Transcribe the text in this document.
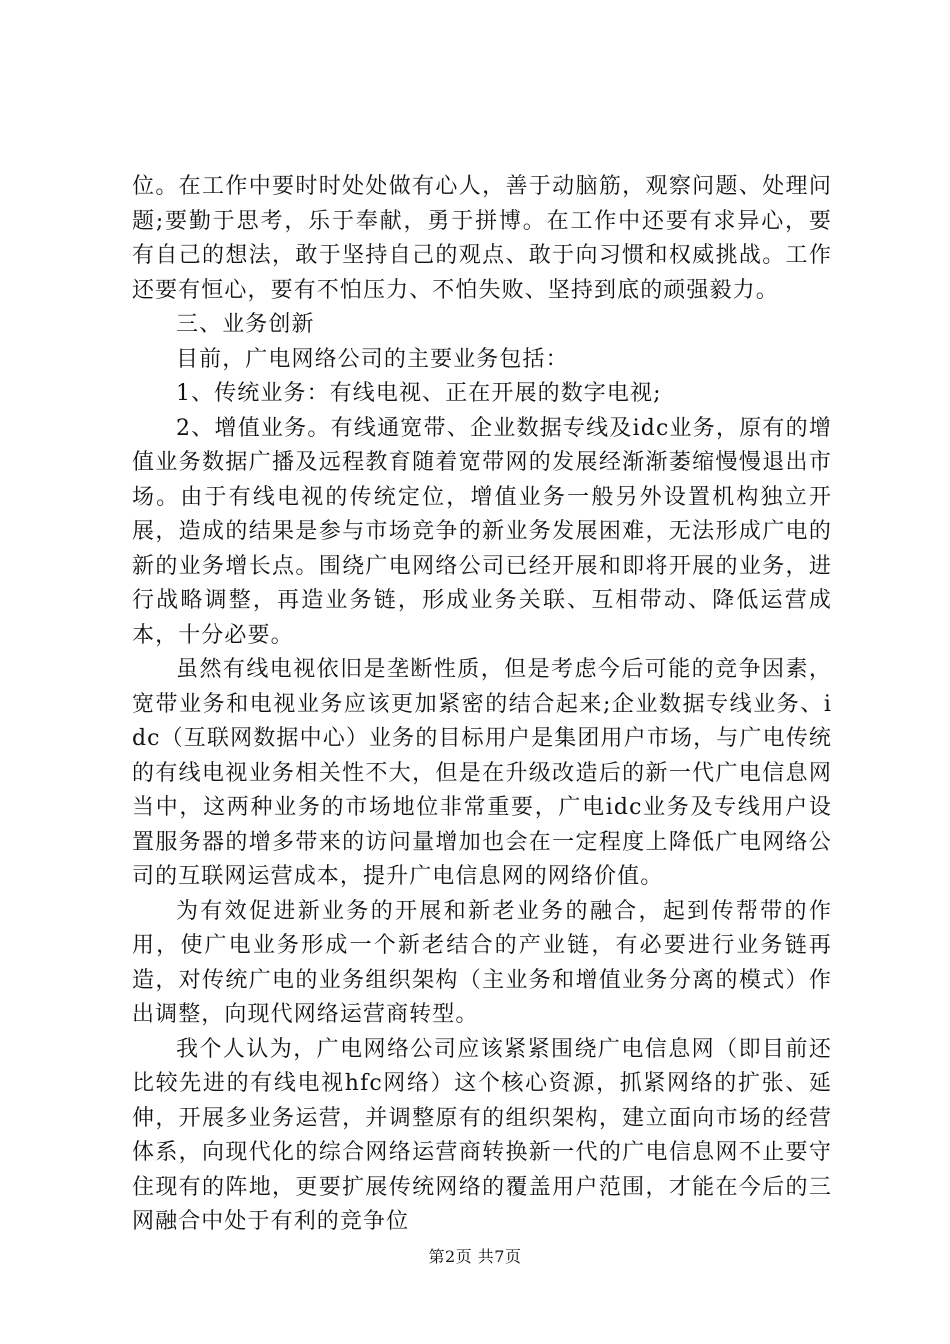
位。在工作中要时时处处做有心人，善于动脑筋，观察问题、处理问题;要勤于思考，乐于奉献，勇于拼博。在工作中还要有求异心，要有自己的想法，敢于坚持自己的观点、敢于向习惯和权威挑战。工作还要有恒心，要有不怕压力、不怕失败、坚持到底的顽强毅力。

三、业务创新

目前，广电网络公司的主要业务包括：

1、传统业务：有线电视、正在开展的数字电视;

2、增值业务。有线通宽带、企业数据专线及idc业务，原有的增值业务数据广播及远程教育随着宽带网的发展经渐渐萎缩慢慢退出市场。由于有线电视的传统定位，增值业务一般另外设置机构独立开展，造成的结果是参与市场竞争的新业务发展困难，无法形成广电的新的业务增长点。围绕广电网络公司已经开展和即将开展的业务，进行战略调整，再造业务链，形成业务关联、互相带动、降低运营成本，十分必要。

虽然有线电视依旧是垄断性质，但是考虑今后可能的竞争因素，宽带业务和电视业务应该更加紧密的结合起来;企业数据专线业务、idc（互联网数据中心）业务的目标用户是集团用户市场，与广电传统的有线电视业务相关性不大，但是在升级改造后的新一代广电信息网当中，这两种业务的市场地位非常重要，广电idc业务及专线用户设置服务器的增多带来的访问量增加也会在一定程度上降低广电网络公司的互联网运营成本，提升广电信息网的网络价值。

为有效促进新业务的开展和新老业务的融合，起到传帮带的作用，使广电业务形成一个新老结合的产业链，有必要进行业务链再造，对传统广电的业务组织架构（主业务和增值业务分离的模式）作出调整，向现代网络运营商转型。

我个人认为，广电网络公司应该紧紧围绕广电信息网（即目前还比较先进的有线电视hfc网络）这个核心资源，抓紧网络的扩张、延伸，开展多业务运营，并调整原有的组织架构，建立面向市场的经营体系，向现代化的综合网络运营商转换新一代的广电信息网不止要守住现有的阵地，更要扩展传统网络的覆盖用户范围，才能在今后的三网融合中处于有利的竞争位

第2页 共7页
